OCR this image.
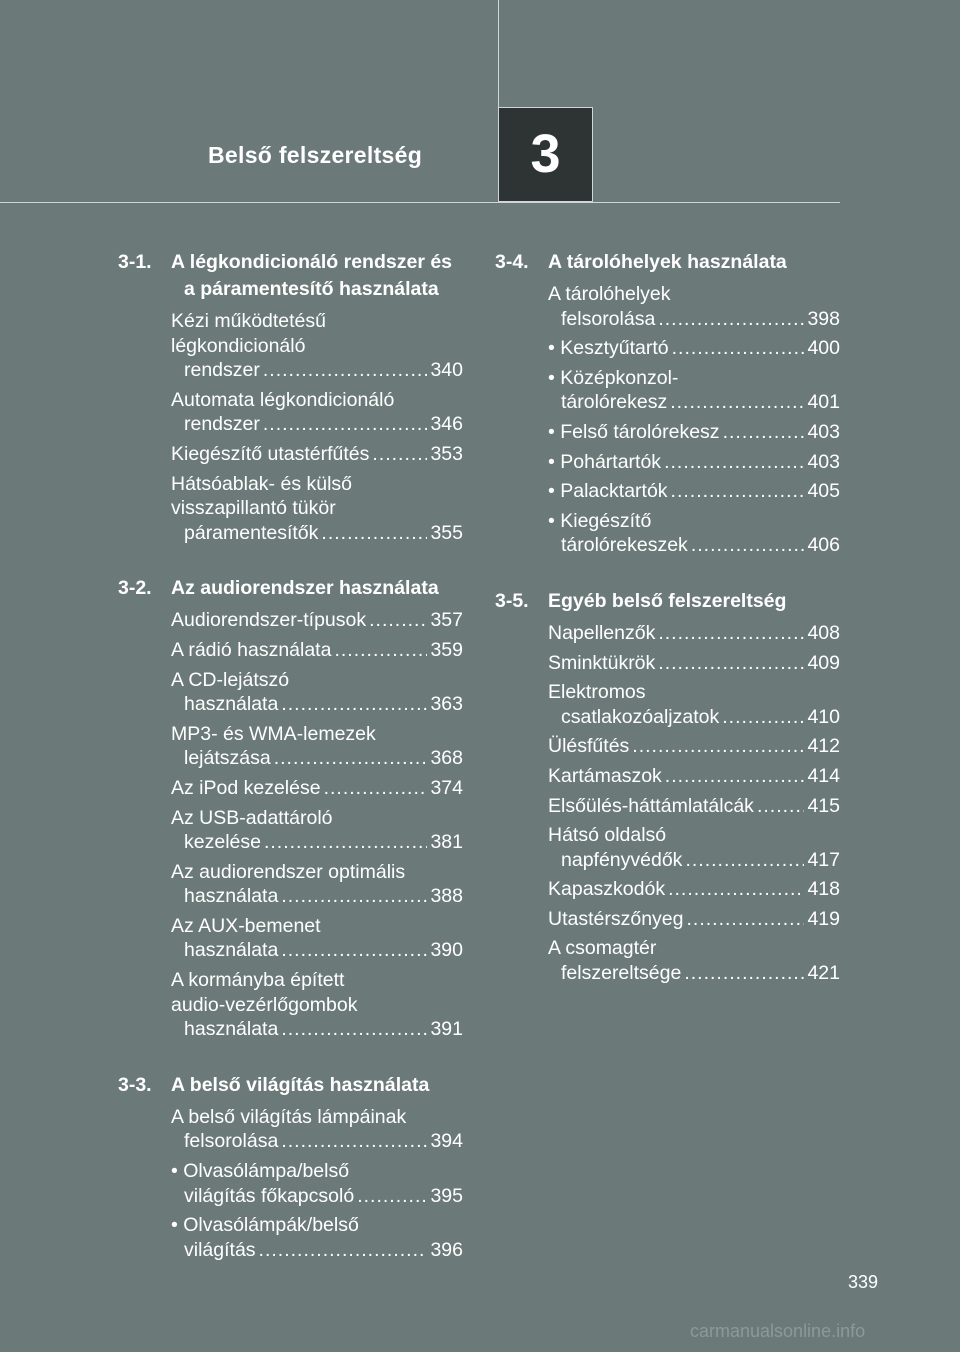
3
Belső felszereltség
3-1. A légkondicionáló rendszer és a páramentesítő használata
Kézi működtetésű
légkondicionáló
rendszer .....	340
Automata légkondicionáló
rendszer .....	346
Kiegészítő utastérfűtés .....	353
Hátsóablak- és külső
visszapillantó tükör
páramentesítők .....	355
3-2. Az audiorendszer használata
Audiorendszer-típusok .....	357
A rádió használata .....	359
A CD-lejátszó
használata .....	363
MP3- és WMA-lemezek
lejátszása .....	368
Az iPod kezelése .....	374
Az USB-adattároló
kezelése .....	381
Az audiorendszer optimális
használata .....	388
Az AUX-bemenet
használata .....	390
A kormányba épített
audio-vezérlőgombok
használata .....	391
3-3. A belső világítás használata
A belső világítás lámpáinak
felsorolása .....	394
• Olvasólámpa/belső
világítás főkapcsoló .....	395
• Olvasólámpák/belső
világítás .....	396
3-4. A tárolóhelyek használata
A tárolóhelyek
felsorolása .....	398
• Kesztyűtartó .....	400
• Középkonzol-
tárolórekesz .....	401
• Felső tárolórekesz .....	403
• Pohártartók .....	403
• Palacktartók .....	405
• Kiegészítő
tárolórekeszek .....	406
3-5. Egyéb belső felszereltség
Napellenzők .....	408
Sminktükrök .....	409
Elektromos
csatlakozóaljzatok .....	410
Ülésfűtés .....	412
Kartámaszok .....	414
Elsőülés-háttámlatálcák .....	415
Hátsó oldalsó
napfényvédők .....	417
Kapaszkodók .....	418
Utastérszőnyeg .....	419
A csomagtér
felszereltsége .....	421
339
carmanualsonline.info
